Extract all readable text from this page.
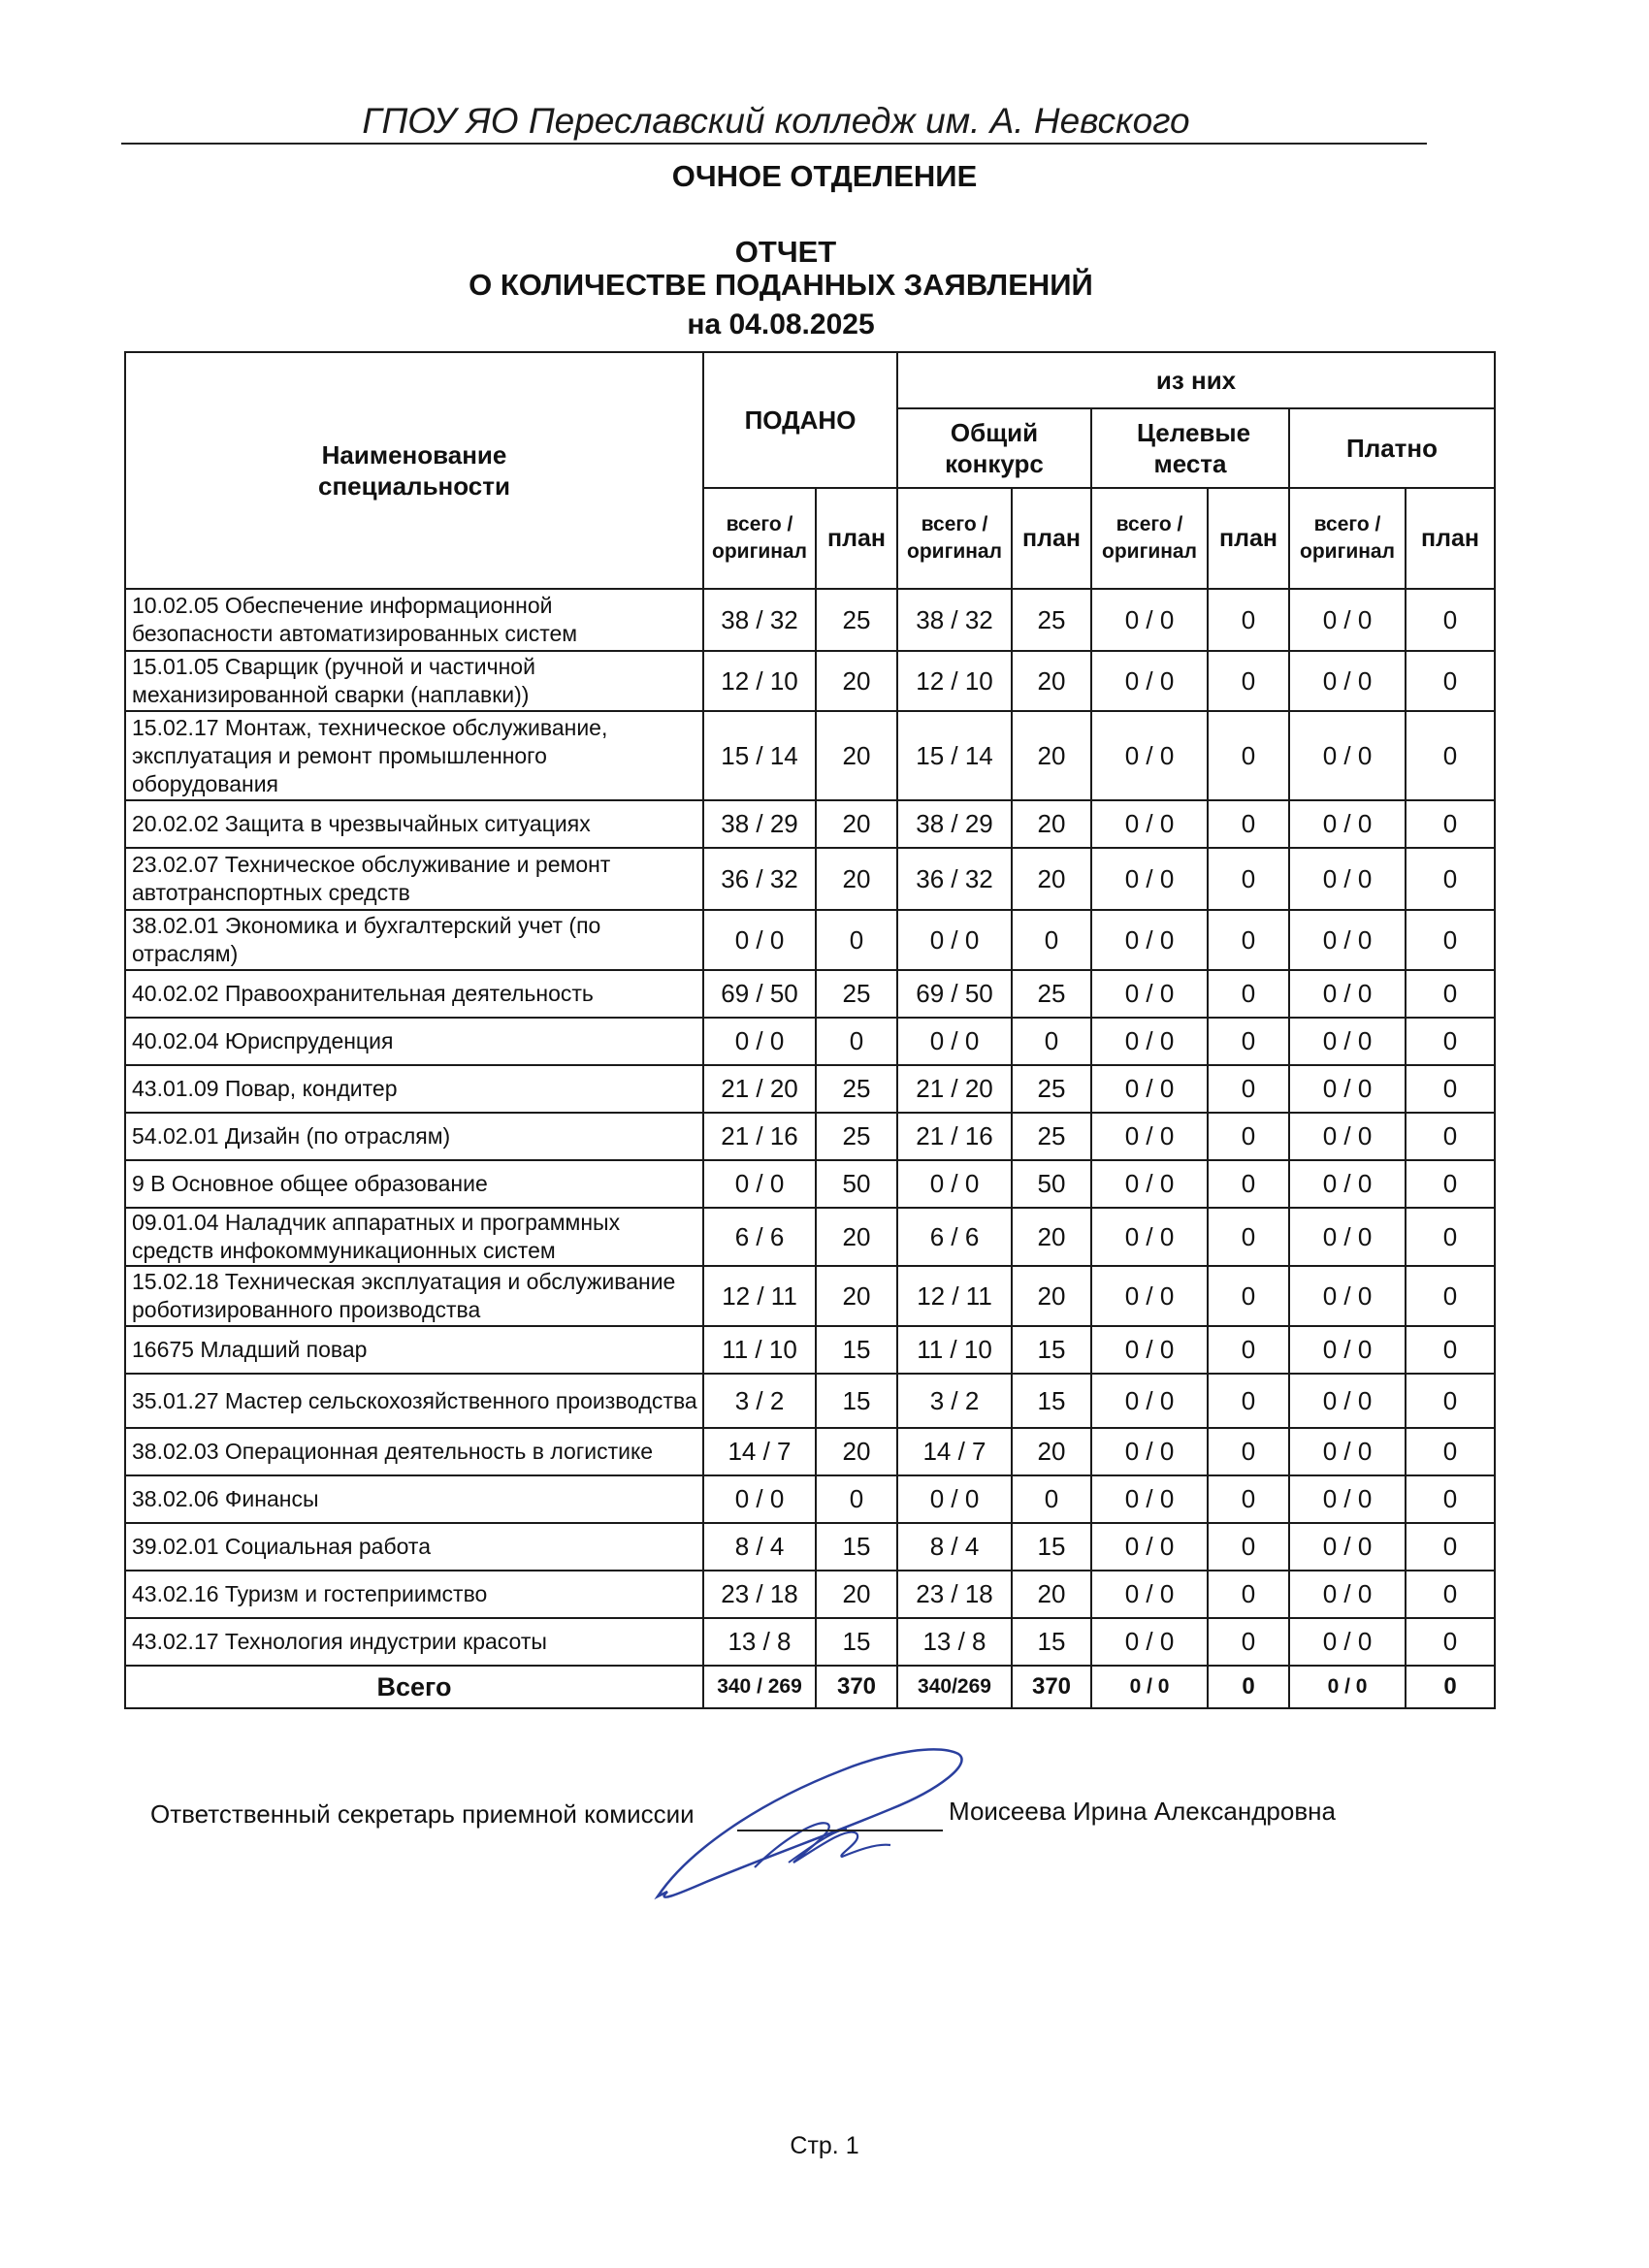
ГПОУ ЯО Переславский колледж им. А. Невского
ОЧНОЕ ОТДЕЛЕНИЕ
ОТЧЕТ
О КОЛИЧЕСТВЕ ПОДАННЫХ ЗАЯВЛЕНИЙ
на 04.08.2025
Наименование специальности	ПОДАНО		из них					

			Общий конкурс		Целевые места		Платно	
	всего / оригинал	план	всего / оригинал	план	всего / оригинал	план	всего / оригинал	план
10.02.05 Обеспечение информационной безопасности автоматизированных систем	38 / 32	25	38 / 32	25	0 / 0	0	0 / 0	0
15.01.05 Сварщик (ручной и частичной механизированной сварки (наплавки))	12 / 10	20	12 / 10	20	0 / 0	0	0 / 0	0
15.02.17 Монтаж, техническое обслуживание, эксплуатация и ремонт промышленного оборудования	15 / 14	20	15 / 14	20	0 / 0	0	0 / 0	0
20.02.02 Защита в чрезвычайных ситуациях	38 / 29	20	38 / 29	20	0 / 0	0	0 / 0	0
23.02.07 Техническое обслуживание и ремонт автотранспортных средств	36 / 32	20	36 / 32	20	0 / 0	0	0 / 0	0
38.02.01 Экономика и бухгалтерский учет (по отраслям)	0 / 0	0	0 / 0	0	0 / 0	0	0 / 0	0
40.02.02 Правоохранительная деятельность	69 / 50	25	69 / 50	25	0 / 0	0	0 / 0	0
40.02.04 Юриспруденция	0 / 0	0	0 / 0	0	0 / 0	0	0 / 0	0
43.01.09 Повар, кондитер	21 / 20	25	21 / 20	25	0 / 0	0	0 / 0	0
54.02.01 Дизайн (по отраслям)	21 / 16	25	21 / 16	25	0 / 0	0	0 / 0	0
9 В Основное общее образование	0 / 0	50	0 / 0	50	0 / 0	0	0 / 0	0
09.01.04 Наладчик аппаратных и программных средств инфокоммуникационных систем	6 / 6	20	6 / 6	20	0 / 0	0	0 / 0	0
15.02.18 Техническая эксплуатация и обслуживание роботизированного производства	12 / 11	20	12 / 11	20	0 / 0	0	0 / 0	0
16675 Младший повар	11 / 10	15	11 / 10	15	0 / 0	0	0 / 0	0
35.01.27 Мастер сельскохозяйственного производства	3 / 2	15	3 / 2	15	0 / 0	0	0 / 0	0
38.02.03 Операционная деятельность в логистике	14 / 7	20	14 / 7	20	0 / 0	0	0 / 0	0
38.02.06 Финансы	0 / 0	0	0 / 0	0	0 / 0	0	0 / 0	0
39.02.01 Социальная работа	8 / 4	15	8 / 4	15	0 / 0	0	0 / 0	0
43.02.16 Туризм и гостеприимство	23 / 18	20	23 / 18	20	0 / 0	0	0 / 0	0
43.02.17 Технология индустрии красоты	13 / 8	15	13 / 8	15	0 / 0	0	0 / 0	0
Всего	340 / 269	370	340/269	370	0 / 0	0	0 / 0	0
Ответственный секретарь приемной комиссии	Моисеева Ирина Александровна
Стр. 1
